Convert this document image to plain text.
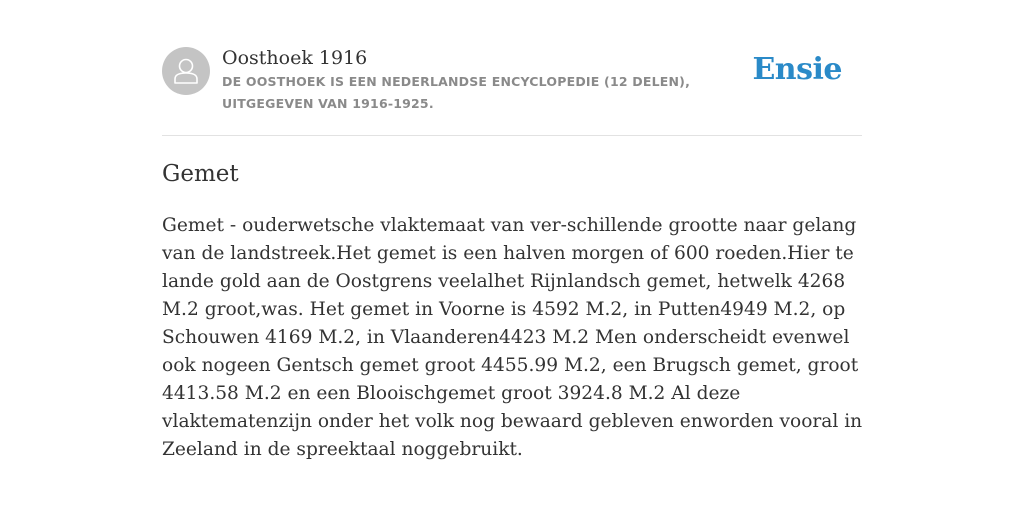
Oosthoek 1916
DE OOSTHOEK IS EEN NEDERLANDSE ENCYCLOPEDIE (12 DELEN), UITGEGEVEN VAN 1916-1925.
Ensie
Gemet

Gemet - ouderwetsche vlaktemaat van ver-schillende grootte naar gelang van de landstreek.Het gemet is een halven morgen of 600 roeden.Hier te lande gold aan de Oostgrens veelalhet Rijnlandsch gemet, hetwelk 4268 M.2 groot,was. Het gemet in Voorne is 4592 M.2, in Putten4949 M.2, op Schouwen 4169 M.2, in Vlaanderen4423 M.2 Men onderscheidt evenwel ook nogeen Gentsch gemet groot 4455.99 M.2, een Brugsch gemet, groot 4413.58 M.2 en een Blooischgemet groot 3924.8 M.2 Al deze vlaktematenzijn onder het volk nog bewaard gebleven enworden vooral in Zeeland in de spreektaal noggebruikt.
